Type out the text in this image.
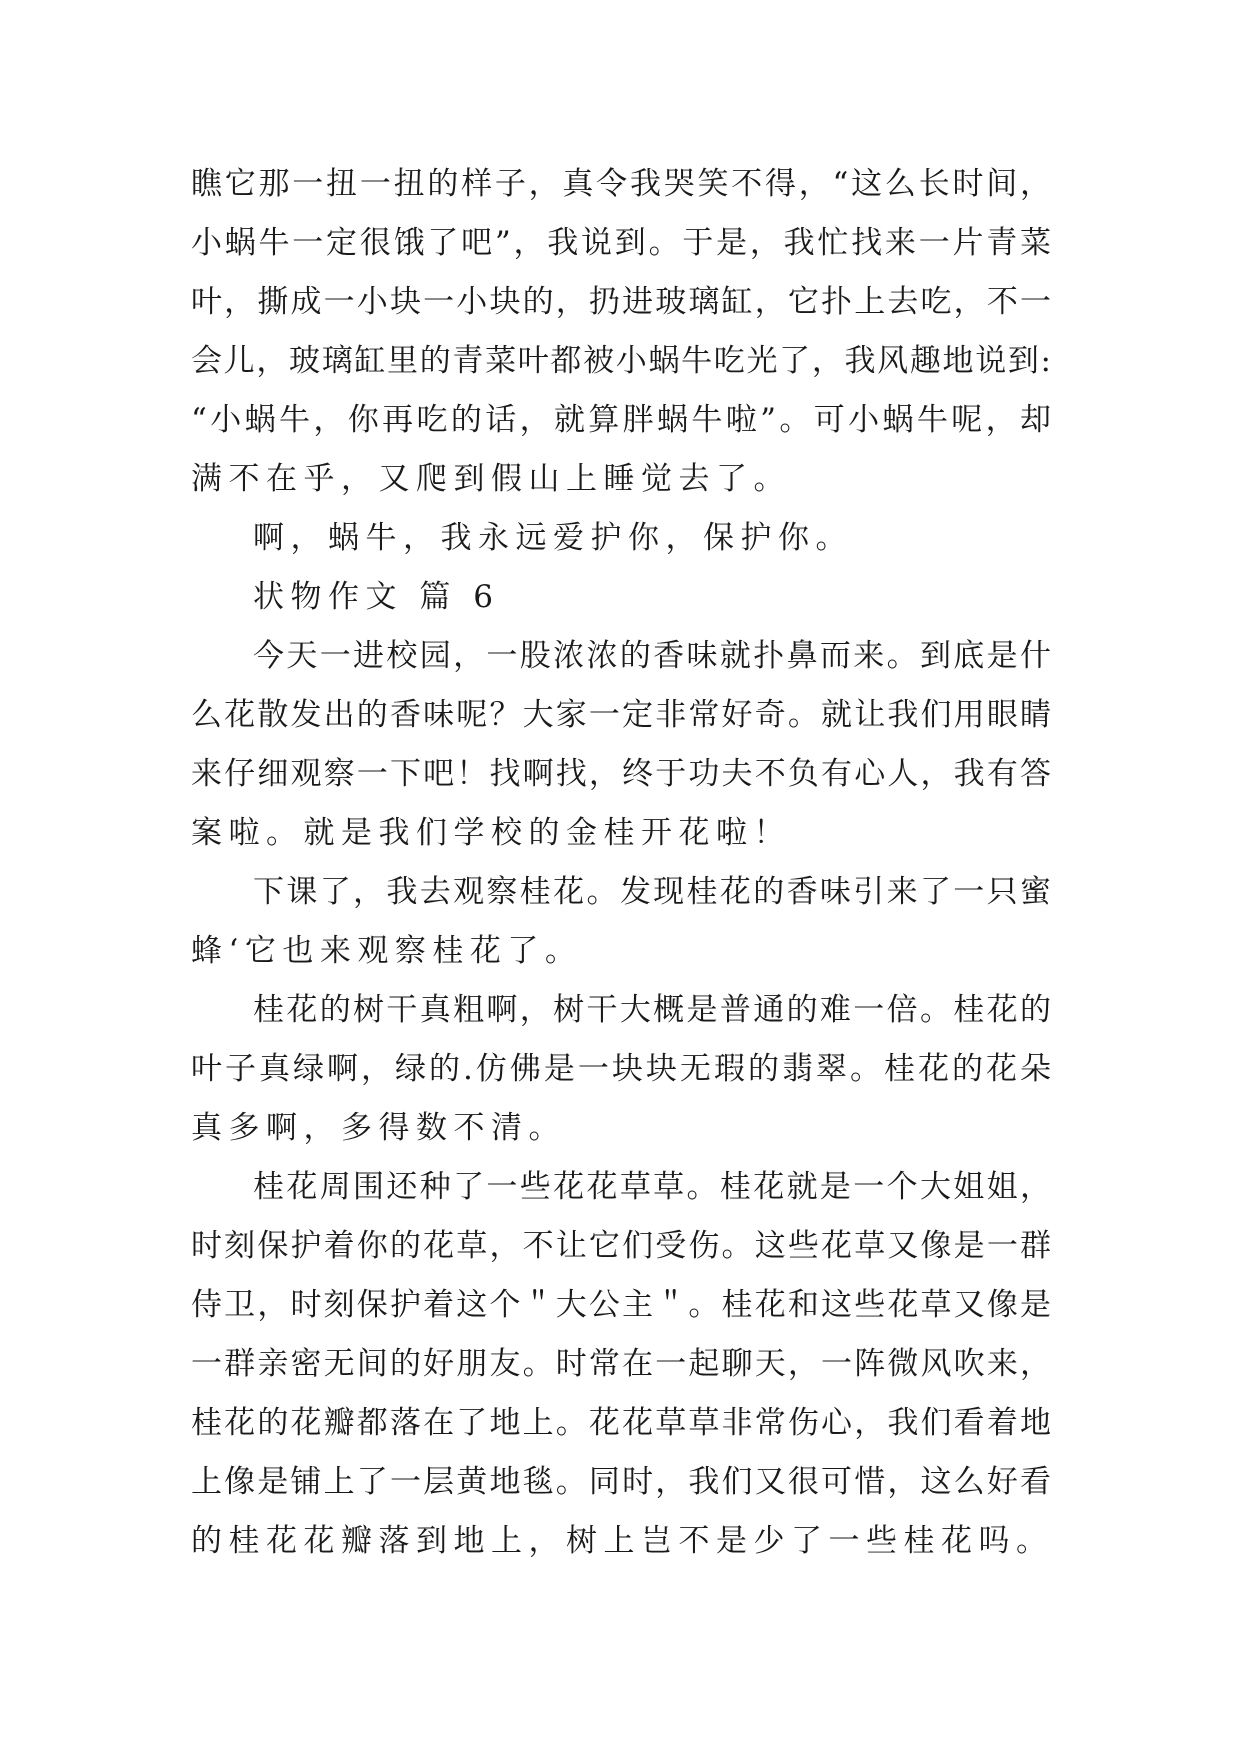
瞧它那一扭一扭的样子，真令我哭笑不得，“这么长时间，
小蜗牛一定很饿了吧”，我说到。于是，我忙找来一片青菜
叶，撕成一小块一小块的，扔进玻璃缸，它扑上去吃，不一
会儿，玻璃缸里的青菜叶都被小蜗牛吃光了，我风趣地说到:
“小蜗牛，你再吃的话，就算胖蜗牛啦”。可小蜗牛呢，却
满不在乎，又爬到假山上睡觉去了。
啊，蜗牛，我永远爱护你，保护你。
状物作文 篇 6
今天一进校园，一股浓浓的香味就扑鼻而来。到底是什
么花散发出的香味呢？大家一定非常好奇。就让我们用眼睛
来仔细观察一下吧！找啊找，终于功夫不负有心人，我有答
案啦。就是我们学校的金桂开花啦！
下课了，我去观察桂花。发现桂花的香味引来了一只蜜
蜂‘它也来观察桂花了。
桂花的树干真粗啊，树干大概是普通的难一倍。桂花的
叶子真绿啊，绿的.仿佛是一块块无瑕的翡翠。桂花的花朵
真多啊，多得数不清。
桂花周围还种了一些花花草草。桂花就是一个大姐姐，
时刻保护着你的花草，不让它们受伤。这些花草又像是一群
侍卫，时刻保护着这个＂大公主＂。桂花和这些花草又像是
一群亲密无间的好朋友。时常在一起聊天，一阵微风吹来，
桂花的花瓣都落在了地上。花花草草非常伤心，我们看着地
上像是铺上了一层黄地毯。同时，我们又很可惜，这么好看
的桂花花瓣落到地上，树上岂不是少了一些桂花吗。
